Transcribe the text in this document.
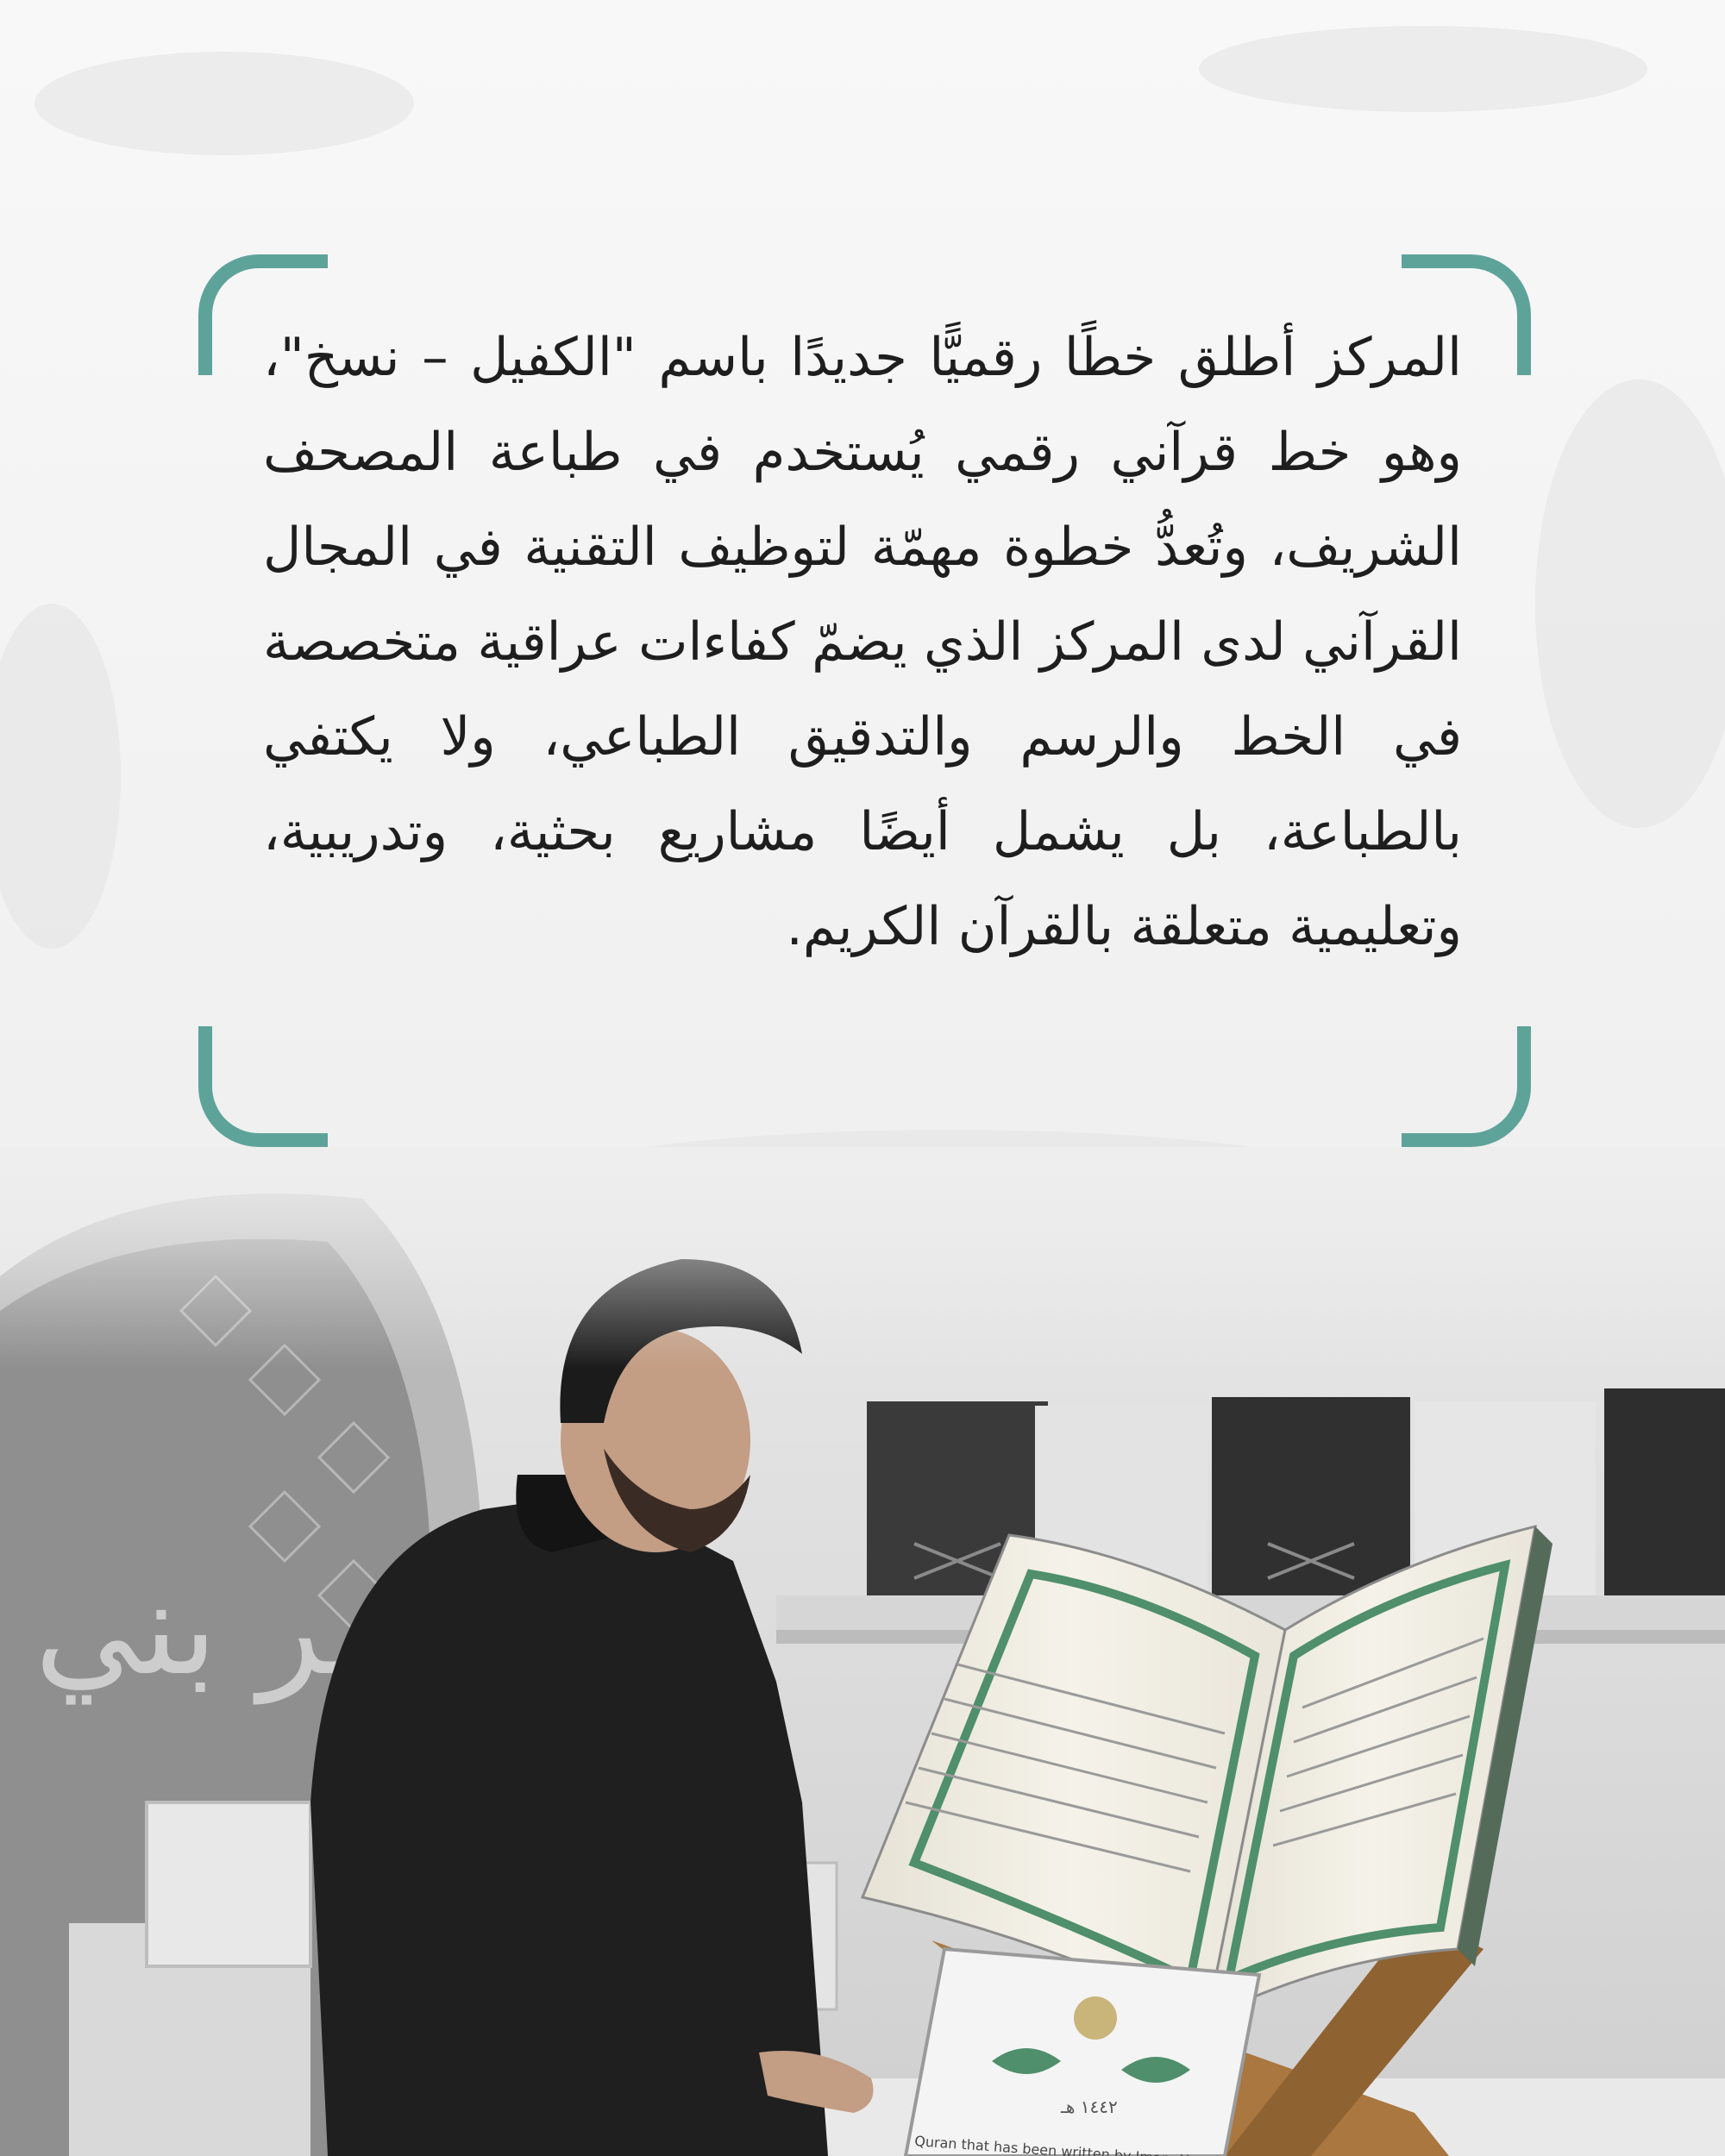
المركز أطلق خطًا رقميًّا جديدًا باسم "الكفيل – نسخ"، وهو خط قرآني رقمي يُستخدم في طباعة المصحف الشريف، وتُعدُّ خطوة مهمّة لتوظيف التقنية في المجال القرآني لدى المركز الذي يضمّ كفاءات عراقية متخصصة في الخط والرسم والتدقيق الطباعي، ولا يكتفي بالطباعة، بل يشمل أيضًا مشاريع بحثية، وتدريبية، وتعليمية متعلقة بالقرآن الكريم.
